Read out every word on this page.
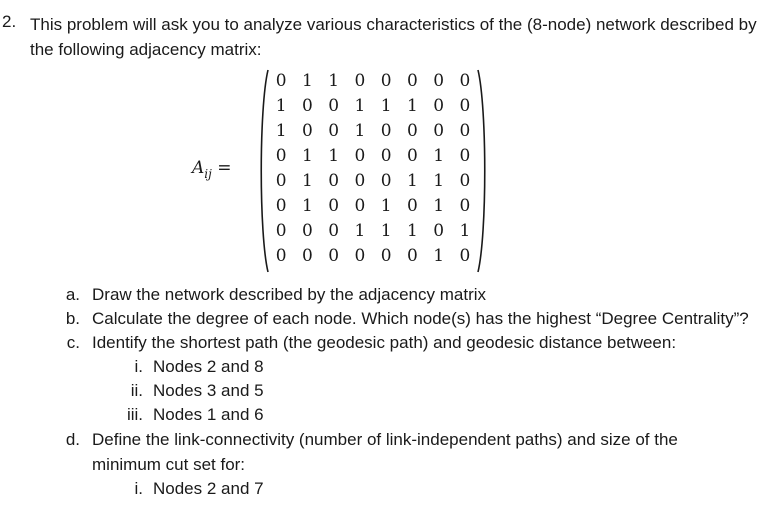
2. This problem will ask you to analyze various characteristics of the (8-node) network described by the following adjacency matrix:
$A_{ij}$ =
0 1 1 0 0 0 0 0
1 0 0 1 1 1 0 0
1 0 0 1 0 0 0 0
0 1 1 0 0 0 1 0
0 1 0 0 0 1 1 0
0 1 0 0 1 0 1 0
0 0 0 1 1 1 0 1
0 0 0 0 0 0 1 0
a. Draw the network described by the adjacency matrix
b. Calculate the degree of each node. Which node(s) has the highest “Degree Centrality”?
c. Identify the shortest path (the geodesic path) and geodesic distance between:
i. Nodes 2 and 8
ii. Nodes 3 and 5
iii. Nodes 1 and 6
d. Define the link-connectivity (number of link-independent paths) and size of the
minimum cut set for:
i. Nodes 2 and 7
